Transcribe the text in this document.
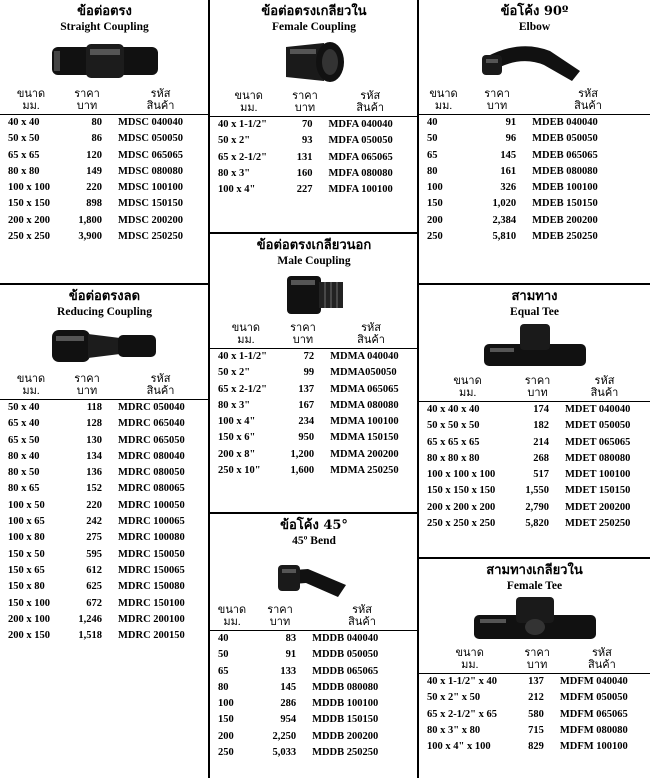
ข้อต่อตรง
Straight Coupling
ขนาด	ราคา	รหัส
มม.	บาท	สินค้า
40 x 40	80	MDSC 040040
50 x 50	86	MDSC 050050
65 x 65	120	MDSC 065065
80 x 80	149	MDSC 080080
100 x 100	220	MDSC 100100
150 x 150	898	MDSC 150150
200 x 200	1,800	MDSC 200200
250 x 250	3,900	MDSC 250250
ข้อต่อตรงลด
Reducing Coupling
ขนาด	ราคา	รหัส
มม.	บาท	สินค้า
50 x 40	118	MDRC 050040
65 x 40	128	MDRC 065040
65 x 50	130	MDRC 065050
80 x 40	134	MDRC 080040
80 x 50	136	MDRC 080050
80 x 65	152	MDRC 080065
100 x 50	220	MDRC 100050
100 x 65	242	MDRC 100065
100 x 80	275	MDRC 100080
150 x 50	595	MDRC 150050
150 x 65	612	MDRC 150065
150 x 80	625	MDRC 150080
150 x 100	672	MDRC 150100
200 x 100	1,246	MDRC 200100
200 x 150	1,518	MDRC 200150
ข้อต่อตรงเกลียวใน
Female Coupling
ขนาด	ราคา	รหัส
มม.	บาท	สินค้า
40 x 1-1/2"	70	MDFA 040040
50 x 2"	93	MDFA 050050
65 x 2-1/2"	131	MDFA 065065
80 x 3"	160	MDFA 080080
100 x 4"	227	MDFA 100100
ข้อต่อตรงเกลียวนอก
Male Coupling
ขนาด	ราคา	รหัส
มม.	บาท	สินค้า
40 x 1-1/2"	72	MDMA 040040
50 x 2"	99	MDMA050050
65 x 2-1/2"	137	MDMA 065065
80 x 3"	167	MDMA 080080
100 x 4"	234	MDMA 100100
150 x 6"	950	MDMA 150150
200 x 8"	1,200	MDMA 200200
250 x 10"	1,600	MDMA 250250
ข้อโค้ง 45°
45º Bend
ขนาด	ราคา	รหัส
มม.	บาท	สินค้า
40	83	MDDB 040040
50	91	MDDB 050050
65	133	MDDB 065065
80	145	MDDB 080080
100	286	MDDB 100100
150	954	MDDB 150150
200	2,250	MDDB 200200
250	5,033	MDDB 250250
ข้อโค้ง 90º
Elbow
ขนาด	ราคา	รหัส
มม.	บาท	สินค้า
40	91	MDEB 040040
50	96	MDEB 050050
65	145	MDEB 065065
80	161	MDEB 080080
100	326	MDEB 100100
150	1,020	MDEB 150150
200	2,384	MDEB 200200
250	5,810	MDEB 250250
สามทาง
Equal Tee
ขนาด	ราคา	รหัส
มม.	บาท	สินค้า
40 x 40 x 40	174	MDET 040040
50 x 50 x 50	182	MDET 050050
65 x 65 x 65	214	MDET 065065
80 x 80 x 80	268	MDET 080080
100 x 100 x 100	517	MDET 100100
150 x 150 x 150	1,550	MDET 150150
200 x 200 x 200	2,790	MDET 200200
250 x 250 x 250	5,820	MDET 250250
สามทางเกลียวใน
Female Tee
ขนาด	ราคา	รหัส
มม.	บาท	สินค้า
40 x 1-1/2" x 40	137	MDFM 040040
50 x 2" x 50	212	MDFM 050050
65 x 2-1/2" x 65	580	MDFM 065065
80 x 3" x 80	715	MDFM 080080
100 x 4" x 100	829	MDFM 100100
